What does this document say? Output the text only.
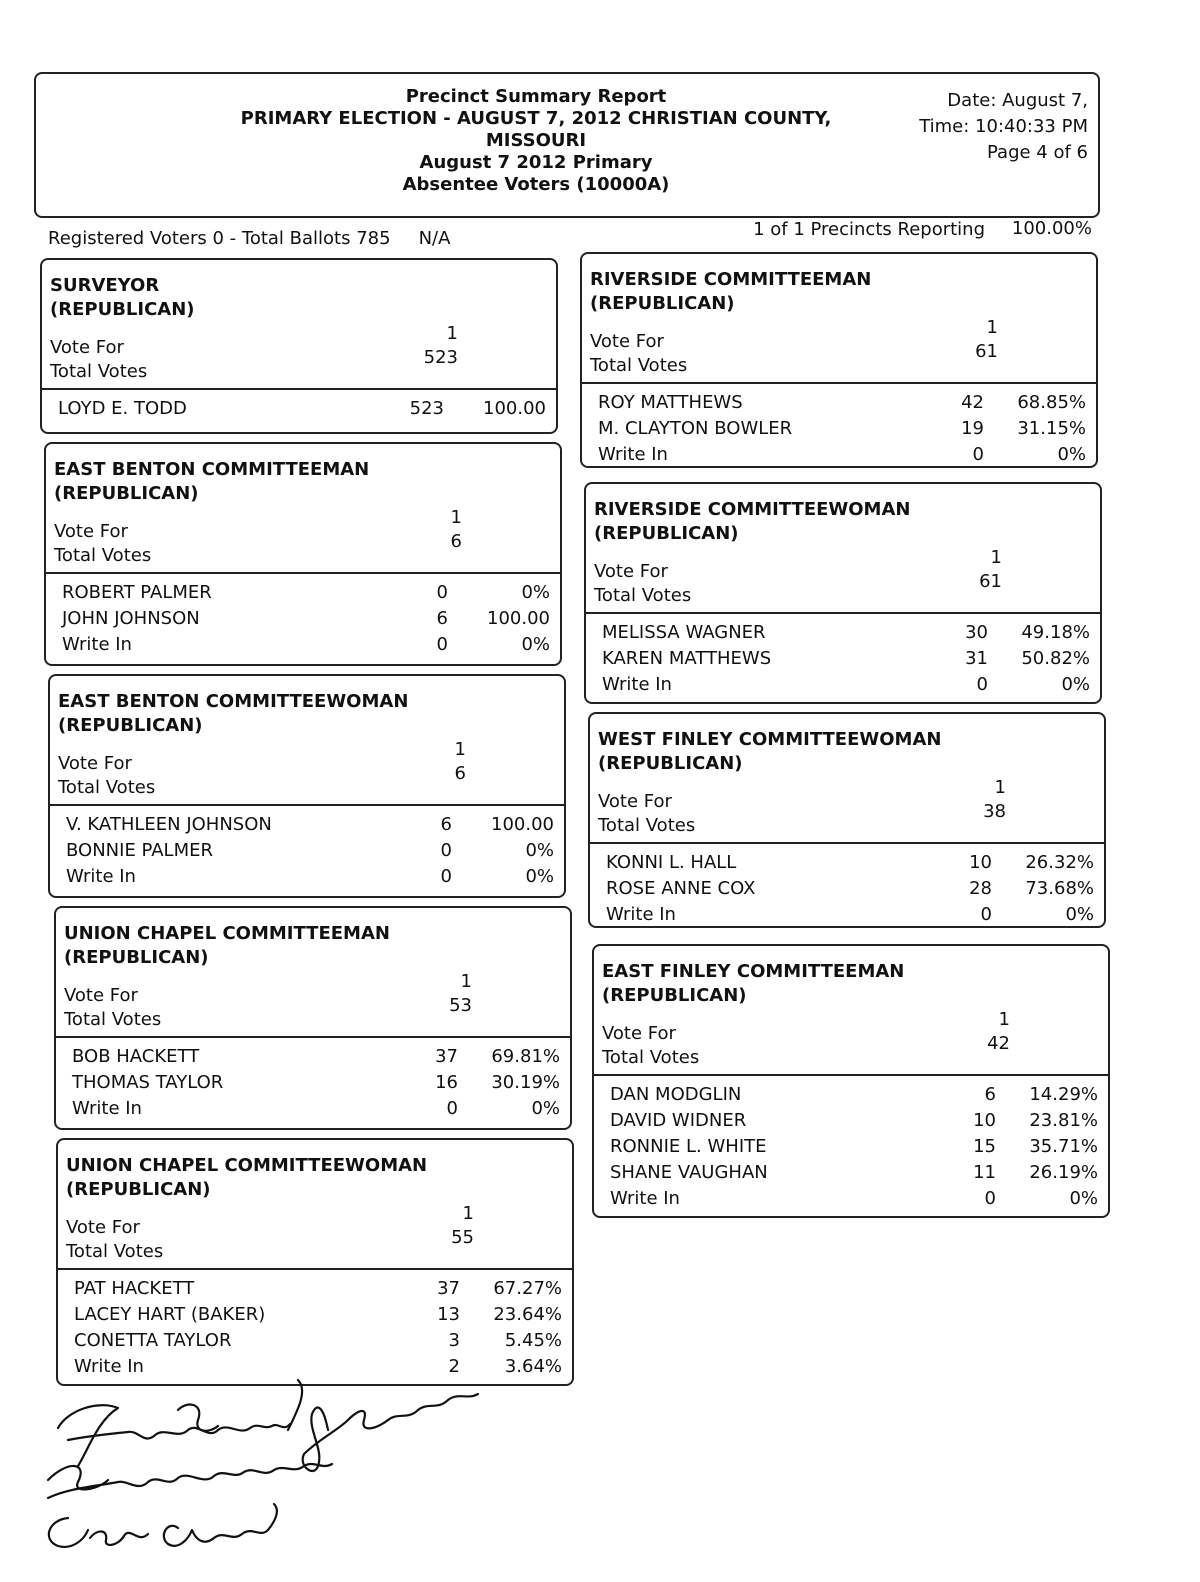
Precinct Summary Report
PRIMARY ELECTION - AUGUST 7, 2012 CHRISTIAN COUNTY,
MISSOURI
August 7 2012 Primary
Absentee Voters (10000A)
Date: August 7,
Time: 10:40:33 PM
Page 4 of 6
Registered Voters 0 - Total Ballots 785 N/A	1 of 1 Precincts Reporting 100.00%
SURVEYOR
(REPUBLICAN)
Vote For
Total Votes
1
523
LOYD E. TODD	523 100.00
EAST BENTON COMMITTEEMAN
(REPUBLICAN)
Vote For
Total Votes
1
6
ROBERT PALMER	0	0%
JOHN JOHNSON	6 100.00
Write In	0	0%
EAST BENTON COMMITTEEWOMAN
(REPUBLICAN)
Vote For
Total Votes
1
6
V. KATHLEEN JOHNSON	6 100.00
BONNIE PALMER	0	0%
Write In	0	0%
UNION CHAPEL COMMITTEEMAN
(REPUBLICAN)
Vote For
Total Votes
1
53
BOB HACKETT	37 69.81%
THOMAS TAYLOR	16 30.19%
Write In	0	0%
UNION CHAPEL COMMITTEEWOMAN
(REPUBLICAN)
Vote For
Total Votes
1
55
PAT HACKETT	37 67.27%
LACEY HART (BAKER)	13 23.64%
CONETTA TAYLOR	3 5.45%
Write In	2 3.64%
RIVERSIDE COMMITTEEMAN
(REPUBLICAN)
Vote For
Total Votes
1
61
ROY MATTHEWS	42 68.85%
M. CLAYTON BOWLER	19 31.15%
Write In	0	0%
RIVERSIDE COMMITTEEWOMAN
(REPUBLICAN)
Vote For
Total Votes
1
61
MELISSA WAGNER	30 49.18%
KAREN MATTHEWS	31 50.82%
Write In	0	0%
WEST FINLEY COMMITTEEWOMAN
(REPUBLICAN)
Vote For
Total Votes
1
38
KONNI L. HALL	10 26.32%
ROSE ANNE COX	28 73.68%
Write In	0	0%
EAST FINLEY COMMITTEEMAN
(REPUBLICAN)
Vote For
Total Votes
1
42
DAN MODGLIN	6 14.29%
DAVID WIDNER	10 23.81%
RONNIE L. WHITE	15 35.71%
SHANE VAUGHAN	11 26.19%
Write In	0	0%
